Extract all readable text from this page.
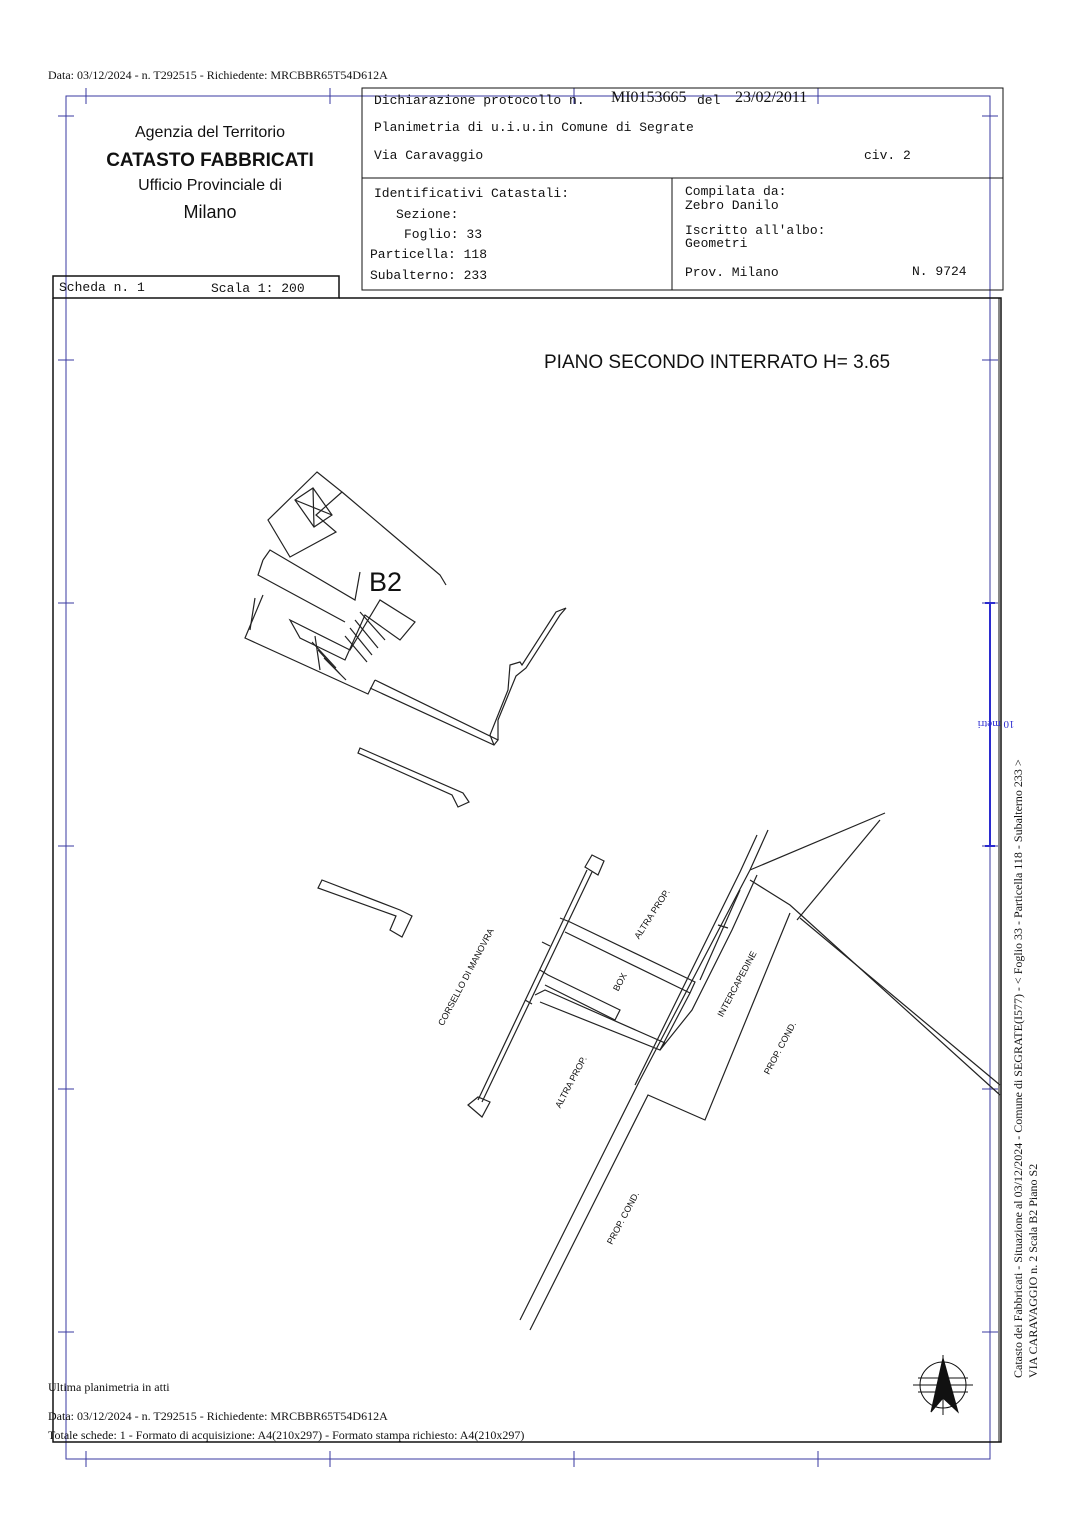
Data: 03/12/2024 - n. T292515 - Richiedente: MRCBBR65T54D612A
Agenzia del Territorio
CATASTO FABBRICATI
Ufficio Provinciale di
Milano
Dichiarazione protocollo n. MI0153665 del 23/02/2011
Planimetria di u.i.u.in Comune di Segrate
Via Caravaggio	civ. 2
Identificativi Catastali:
Sezione:
Foglio: 33
Particella: 118
Subalterno: 233
Compilata da:
Zebro Danilo
Iscritto all'albo:
Geometri
Prov. Milano	N. 9724
Scheda n. 1	Scala 1: 200
PIANO SECONDO INTERRATO H= 3.65
B2
CORSELLO DI MANOVRA
ALTRA PROP.
BOX	INTERCAPEDINE
PROP. COND.
ALTRA PROP.
PROP. COND.
10 metri
Catasto dei Fabbricati - Situazione al 03/12/2024 - Comune di SEGRATE(I577) - < Foglio 33 - Particella 118 - Subalterno 233 > VIA CARAVAGGIO n. 2 Scala B2 Piano S2
Ultima planimetria in atti
Data: 03/12/2024 - n. T292515 - Richiedente: MRCBBR65T54D612A
Totale schede: 1 - Formato di acquisizione: A4(210x297) - Formato stampa richiesto: A4(210x297)
